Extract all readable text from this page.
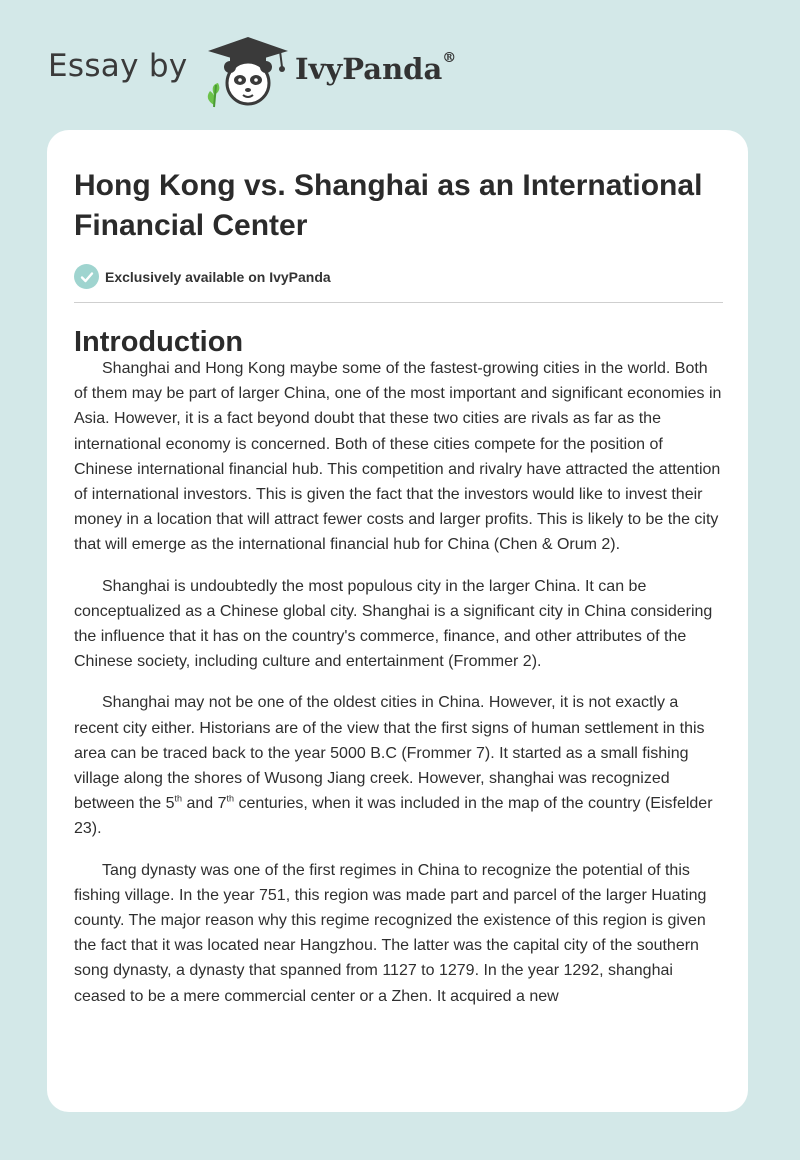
Essay by	IvyPanda®
Hong Kong vs. Shanghai as an International Financial Center
Exclusively available on IvyPanda
Introduction

Shanghai and Hong Kong maybe some of the fastest-growing cities in the world. Both of them may be part of larger China, one of the most important and significant economies in Asia. However, it is a fact beyond doubt that these two cities are rivals as far as the international economy is concerned. Both of these cities compete for the position of Chinese international financial hub. This competition and rivalry have attracted the attention of international investors. This is given the fact that the investors would like to invest their money in a location that will attract fewer costs and larger profits. This is likely to be the city that will emerge as the international financial hub for China (Chen & Orum 2).

Shanghai is undoubtedly the most populous city in the larger China. It can be conceptualized as a Chinese global city. Shanghai is a significant city in China considering the influence that it has on the country's commerce, finance, and other attributes of the Chinese society, including culture and entertainment (Frommer 2).

Shanghai may not be one of the oldest cities in China. However, it is not exactly a recent city either. Historians are of the view that the first signs of human settlement in this area can be traced back to the year 5000 B.C (Frommer 7). It started as a small fishing village along the shores of Wusong Jiang creek. However, shanghai was recognized between the 5th and 7th centuries, when it was included in the map of the country (Eisfelder 23).

Tang dynasty was one of the first regimes in China to recognize the potential of this fishing village. In the year 751, this region was made part and parcel of the larger Huating county. The major reason why this regime recognized the existence of this region is given the fact that it was located near Hangzhou. The latter was the capital city of the southern song dynasty, a dynasty that spanned from 1127 to 1279. In the year 1292, shanghai ceased to be a mere commercial center or a Zhen. It acquired a new
